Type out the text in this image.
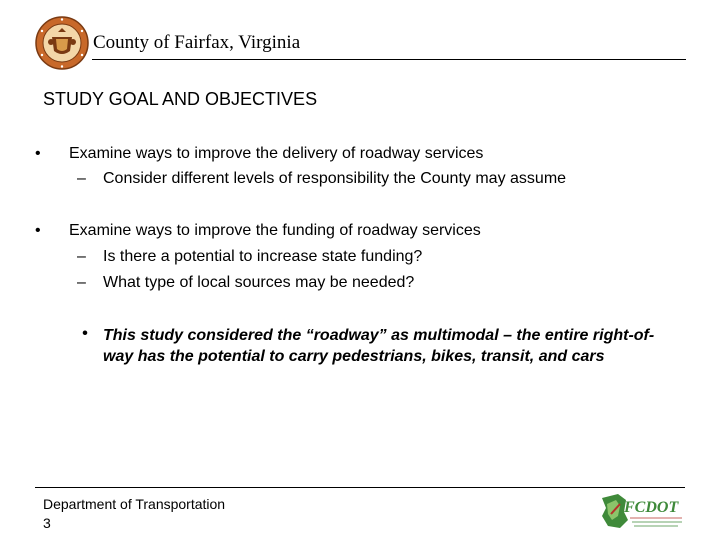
County of Fairfax, Virginia
STUDY GOAL AND OBJECTIVES
• Examine ways to improve the delivery of roadway services
– Consider different levels of responsibility the County may assume
• Examine ways to improve the funding of roadway services
– Is there a potential to increase state funding?
– What type of local sources may be needed?
• This study considered the “roadway” as multimodal – the entire right-of-way has the potential to carry pedestrians, bikes, transit, and cars
Department of Transportation
3
FCDOT
